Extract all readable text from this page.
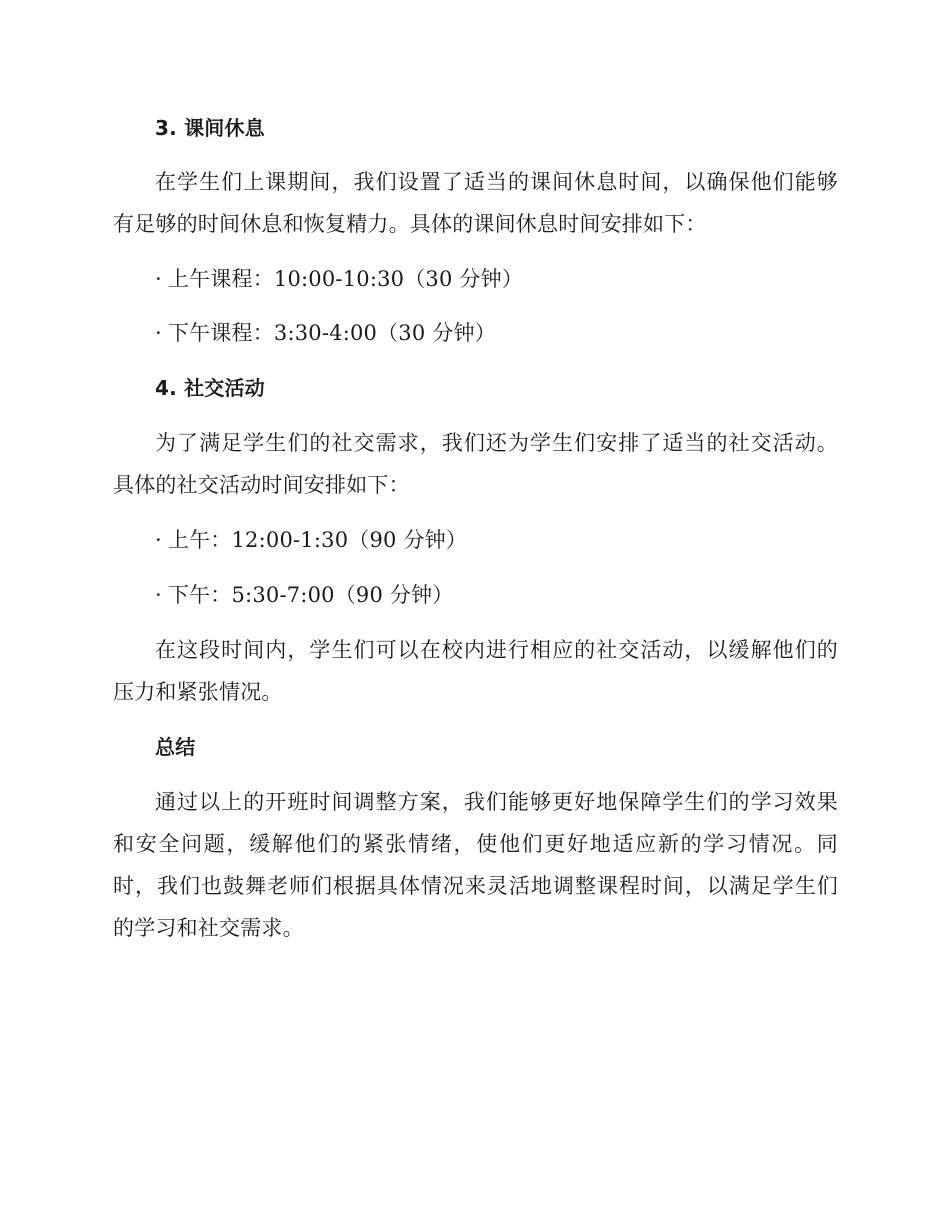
3. 课间休息
在学生们上课期间，我们设置了适当的课间休息时间，以确保他们能够
有足够的时间休息和恢复精力。具体的课间休息时间安排如下：
· 上午课程：10:00-10:30（30 分钟）
· 下午课程：3:30-4:00（30 分钟）
4. 社交活动
为了满足学生们的社交需求，我们还为学生们安排了适当的社交活动。
具体的社交活动时间安排如下：
· 上午：12:00-1:30（90 分钟）
· 下午：5:30-7:00（90 分钟）
在这段时间内，学生们可以在校内进行相应的社交活动，以缓解他们的
压力和紧张情况。
总结
通过以上的开班时间调整方案，我们能够更好地保障学生们的学习效果
和安全问题，缓解他们的紧张情绪，使他们更好地适应新的学习情况。同
时，我们也鼓舞老师们根据具体情况来灵活地调整课程时间，以满足学生们
的学习和社交需求。
